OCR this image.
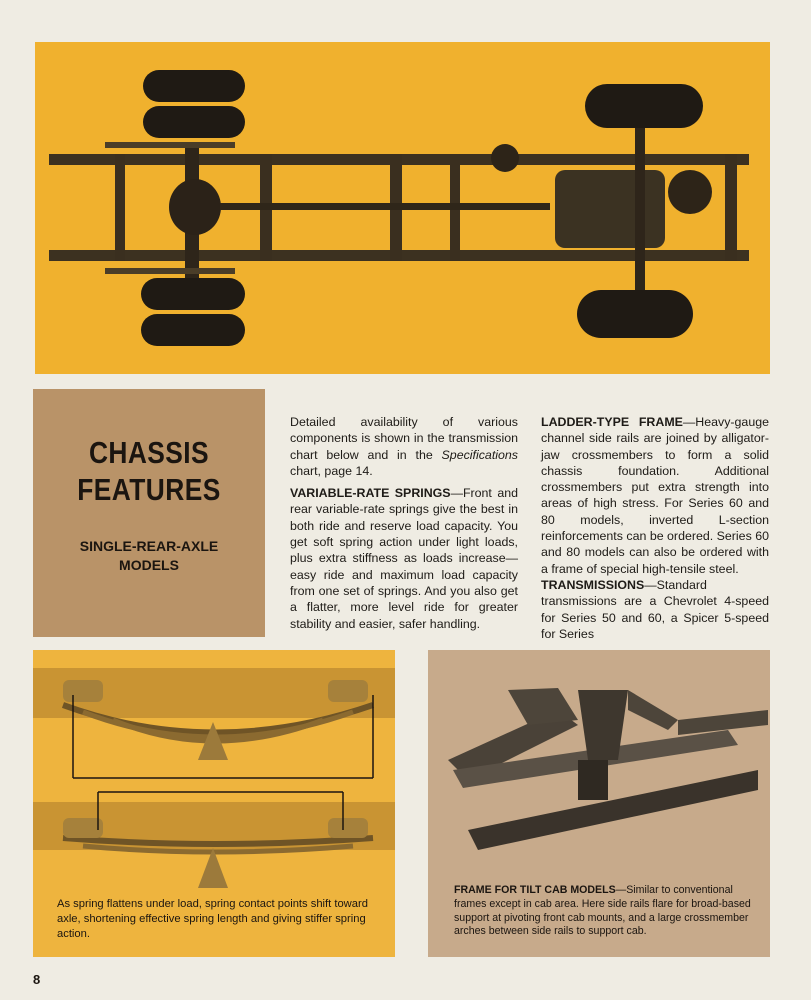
CHASSIS
FEATURES
SINGLE-REAR-AXLE
MODELS

Detailed availability of various components is shown in the transmission chart below and in the Specifications chart, page 14.

VARIABLE-RATE SPRINGS—Front and rear variable-rate springs give the best in both ride and reserve load capacity. You get soft spring action under light loads, plus extra stiffness as loads increase—easy ride and maximum load capacity from one set of springs. And you also get a flatter, more level ride for greater stability and easier, safer handling.

LADDER-TYPE FRAME—Heavy-gauge channel side rails are joined by alligator-jaw crossmembers to form a solid chassis foundation. Additional crossmembers put extra strength into areas of high stress. For Series 60 and 80 models, inverted L-section reinforcements can be ordered. Series 60 and 80 models can also be ordered with a frame of special high-tensile steel.

TRANSMISSIONS—Standard transmissions are a Chevrolet 4-speed for Series 50 and 60, a Spicer 5-speed for Series

As spring flattens under load, spring contact points shift toward axle, shortening effective spring length and giving stiffer spring action.
FRAME FOR TILT CAB MODELS—Similar to conventional frames except in cab area. Here side rails flare for broad-based support at pivoting front cab mounts, and a large crossmember arches between side rails to support cab.
8
